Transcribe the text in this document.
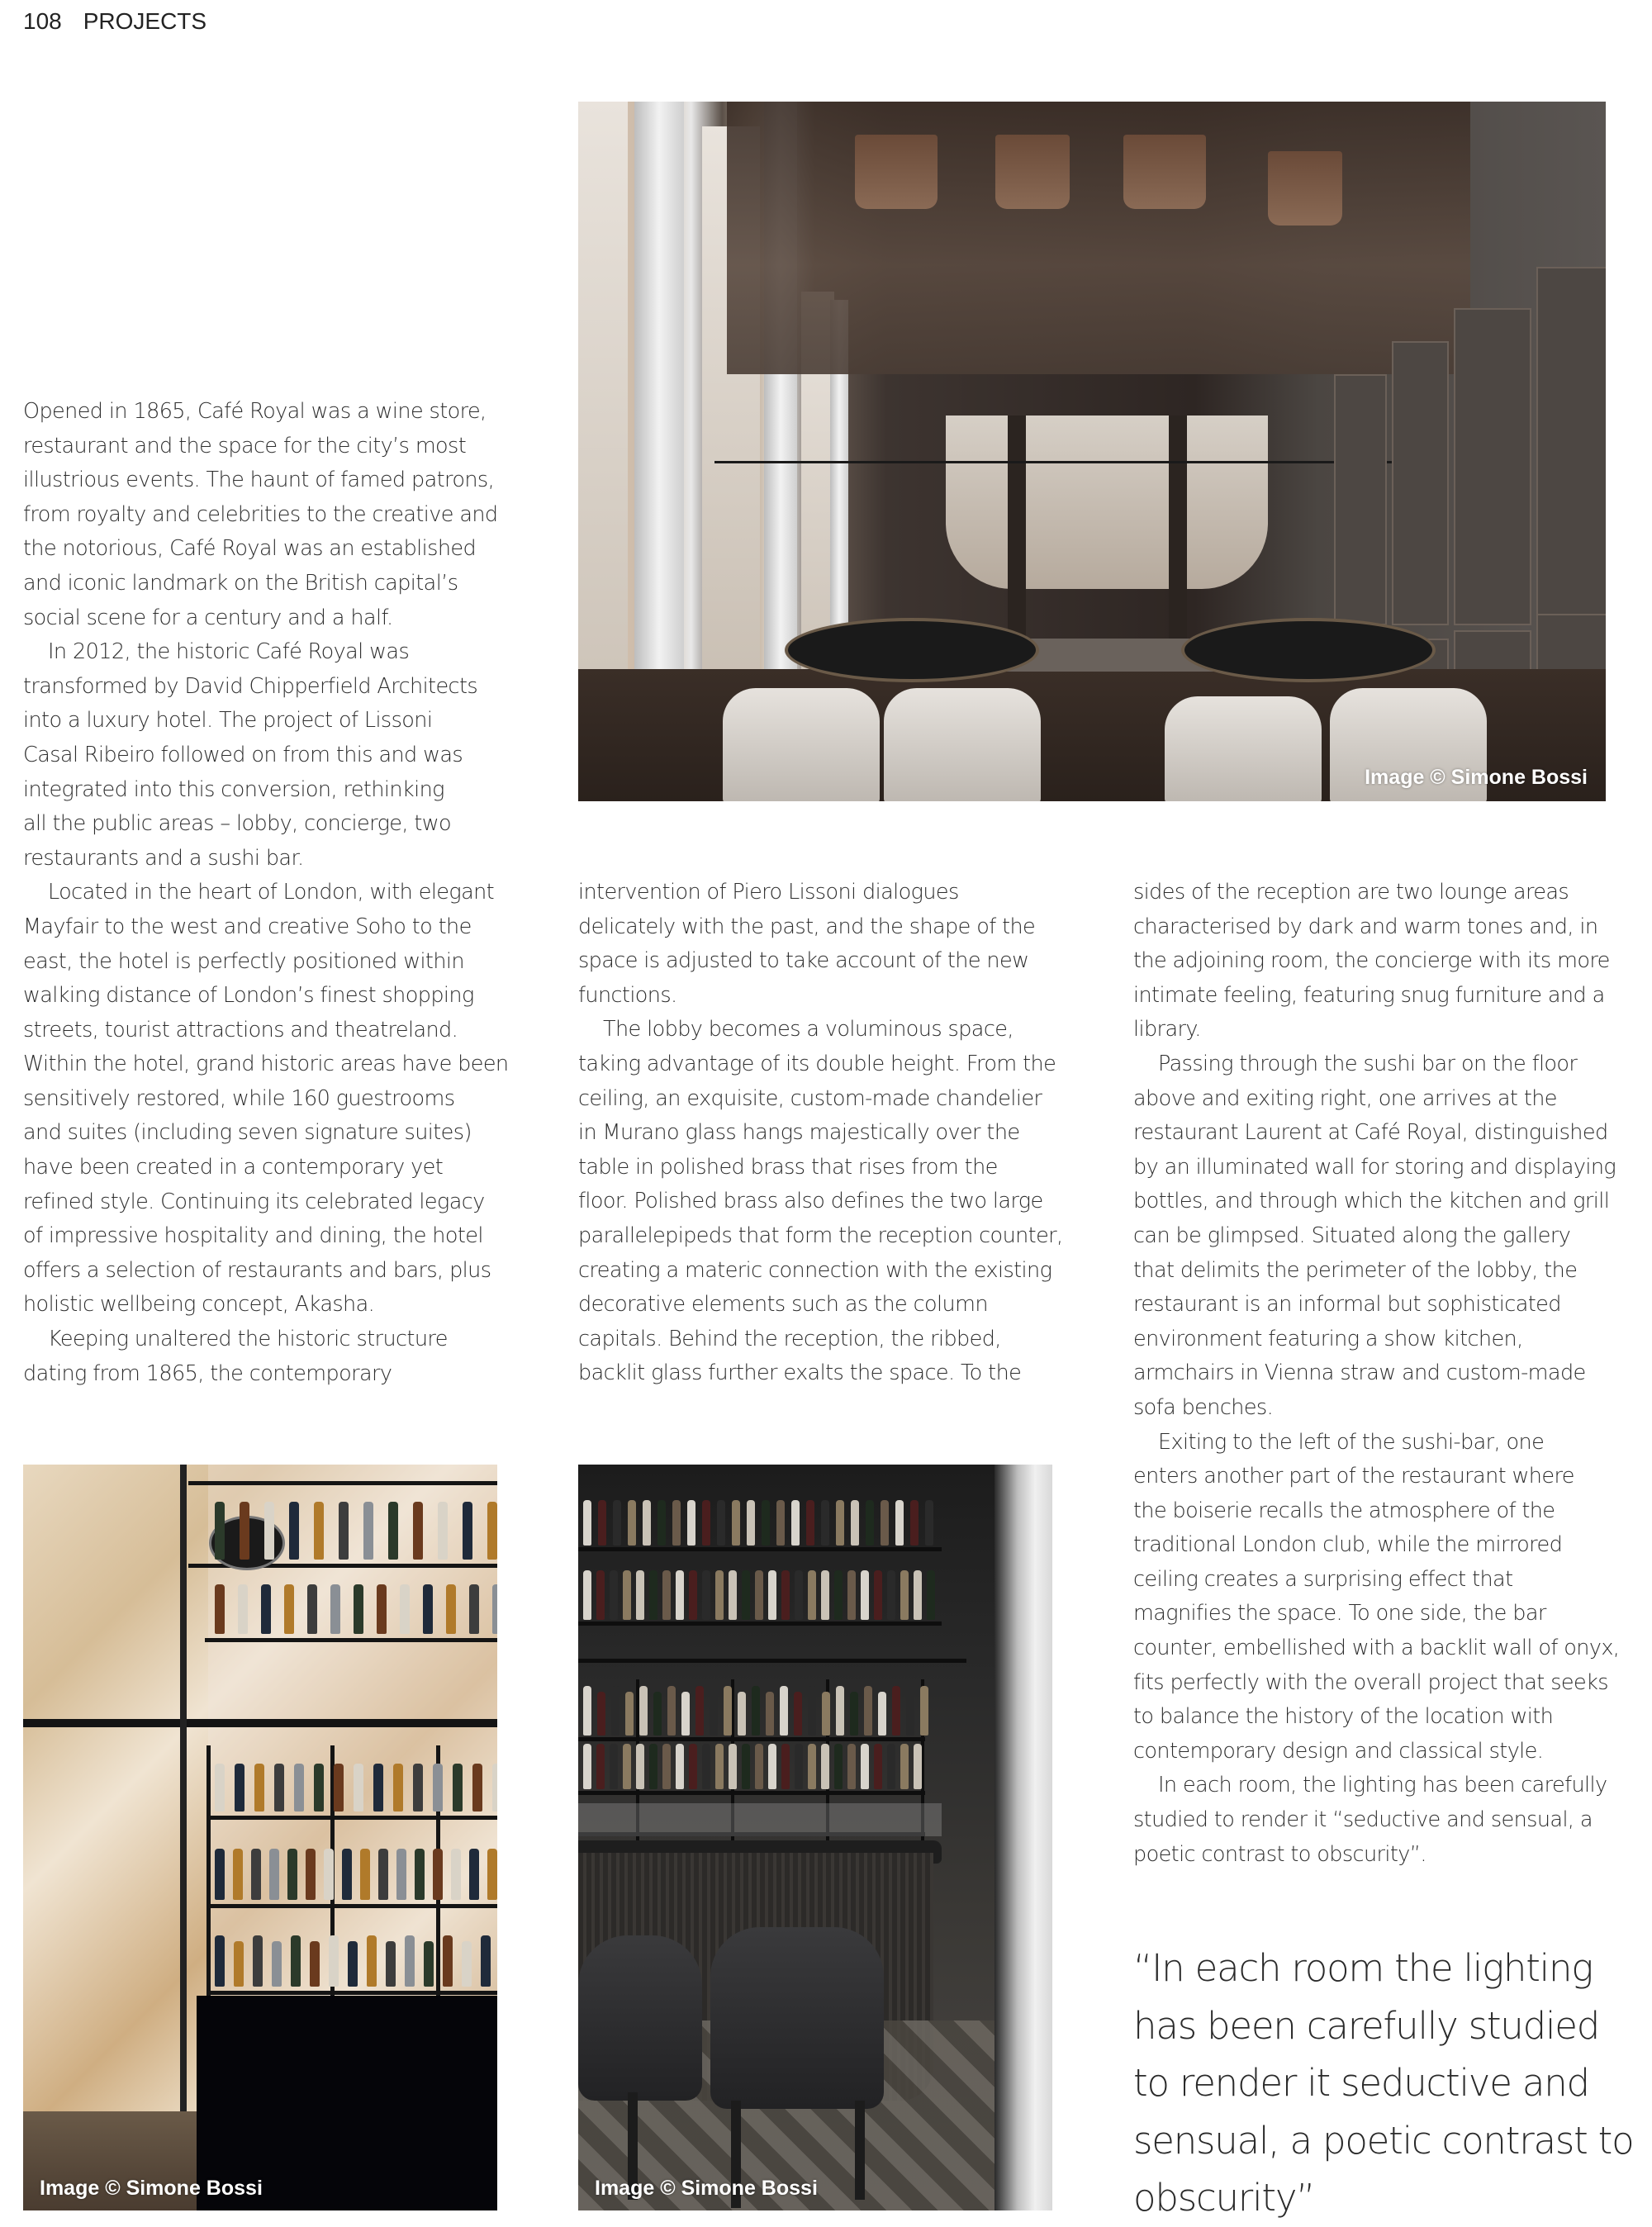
108 PROJECTS
Image © Simone Bossi
Opened in 1865, Café Royal was a wine store,
restaurant and the space for the city’s most
illustrious events. The haunt of famed patrons,
from royalty and celebrities to the creative and
the notorious, Café Royal was an established
and iconic landmark on the British capital’s
social scene for a century and a half.
In 2012, the historic Café Royal was
transformed by David Chipperfield Architects
into a luxury hotel. The project of Lissoni
Casal Ribeiro followed on from this and was
integrated into this conversion, rethinking
all the public areas – lobby, concierge, two
restaurants and a sushi bar.
Located in the heart of London, with elegant
Mayfair to the west and creative Soho to the
east, the hotel is perfectly positioned within
walking distance of London’s finest shopping
streets, tourist attractions and theatreland.
Within the hotel, grand historic areas have been
sensitively restored, while 160 guestrooms
and suites (including seven signature suites)
have been created in a contemporary yet
refined style. Continuing its celebrated legacy
of impressive hospitality and dining, the hotel
offers a selection of restaurants and bars, plus
holistic wellbeing concept, Akasha.
Keeping unaltered the historic structure
dating from 1865, the contemporary
intervention of Piero Lissoni dialogues
delicately with the past, and the shape of the
space is adjusted to take account of the new
functions.
The lobby becomes a voluminous space,
taking advantage of its double height. From the
ceiling, an exquisite, custom-made chandelier
in Murano glass hangs majestically over the
table in polished brass that rises from the
floor. Polished brass also defines the two large
parallelepipeds that form the reception counter,
creating a materic connection with the existing
decorative elements such as the column
capitals. Behind the reception, the ribbed,
backlit glass further exalts the space. To the
sides of the reception are two lounge areas
characterised by dark and warm tones and, in
the adjoining room, the concierge with its more
intimate feeling, featuring snug furniture and a
library.
Passing through the sushi bar on the floor
above and exiting right, one arrives at the
restaurant Laurent at Café Royal, distinguished
by an illuminated wall for storing and displaying
bottles, and through which the kitchen and grill
can be glimpsed. Situated along the gallery
that delimits the perimeter of the lobby, the
restaurant is an informal but sophisticated
environment featuring a show kitchen,
armchairs in Vienna straw and custom-made
sofa benches.
Exiting to the left of the sushi-bar, one
enters another part of the restaurant where
the boiserie recalls the atmosphere of the
traditional London club, while the mirrored
ceiling creates a surprising effect that
magnifies the space. To one side, the bar
counter, embellished with a backlit wall of onyx,
fits perfectly with the overall project that seeks
to balance the history of the location with
contemporary design and classical style.
In each room, the lighting has been carefully
studied to render it “seductive and sensual, a
poetic contrast to obscurity”.
Image © Simone Bossi	Image © Simone Bossi
“In each room the lighting
has been carefully studied
to render it seductive and
sensual, a poetic contrast to
obscurity”
